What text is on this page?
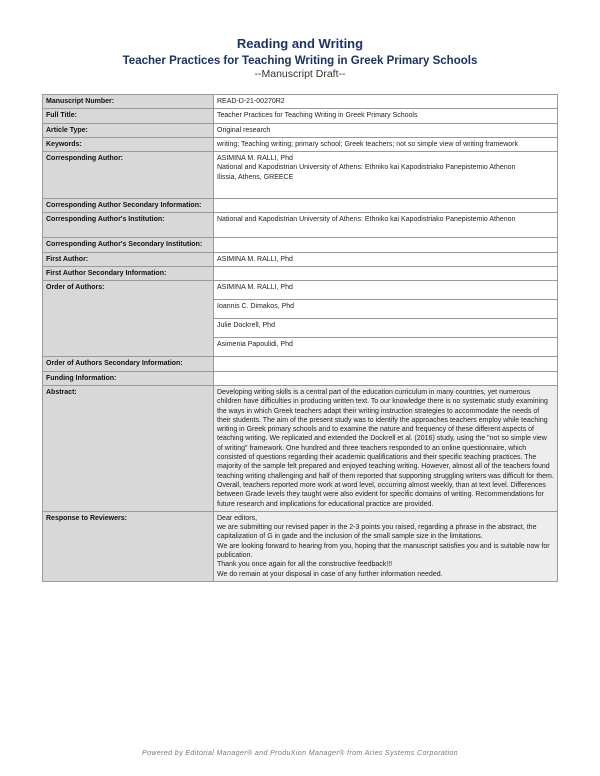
Reading and Writing
Teacher Practices for Teaching Writing in Greek Primary Schools
--Manuscript Draft--
Manuscript Number:	READ-D-21-00270R2
Full Title:	Teacher Practices for Teaching Writing in Greek Primary Schools
Article Type:	Original research
Keywords:	writing; Teaching writing; primary school; Greek teachers; not so simple view of writing framework
Corresponding Author:	ASIMINA M. RALLI, Phd
National and Kapodistrian University of Athens: Ethniko kai Kapodistriako Panepistemio Athenon
Ilissia, Athens, GREECE

Corresponding Author Secondary Information:	
Corresponding Author's Institution:	National and Kapodistrian University of Athens: Ethniko kai Kapodistriako Panepistemio Athenon
Corresponding Author's Secondary Institution:	
First Author:	ASIMINA M. RALLI, Phd
First Author Secondary Information:	
Order of Authors:	ASIMINA M. RALLI, Phd
	Ioannis C. Dimakos, Phd
	Julie Dockrell, Phd
	Asimenia Papoulidi, Phd
Order of Authors Secondary Information:	
Funding Information:	
Abstract:	Developing writing skills is a central part of the education curriculum in many countries, yet numerous children have difficulties in producing written text. To our knowledge there is no systematic study examining the ways in which Greek teachers adapt their writing instruction strategies to accommodate the needs of their students. The aim of the present study was to identify the approaches teachers employ while teaching writing in Greek primary schools and to examine the nature and frequency of these different aspects of teaching writing. We replicated and extended the Dockrell et al. (2016) study, using the "not so simple view of writing" framework. One hundred and three teachers responded to an online questionnaire, which consisted of questions regarding their academic qualifications and their specific teaching practices. The majority of the sample felt prepared and enjoyed teaching writing. However, almost all of the teachers found teaching writing challenging and half of them reported that supporting struggling writers was difficult for them. Overall, teachers reported more work at word level, occurring almost weekly, than at text level. Differences between Grade levels they taught were also evident for specific domains of writing. Recommendations for future research and implications for educational practice are provided.
Response to Reviewers:	Dear editors,
we are submitting our revised paper in the 2-3 points you raised, regarding a phrase in the abstract, the capitalization of G in gade and the inclusion of the small sample size in the limitations.
We are looking forward to hearing from you, hoping that the manuscript satisfies you and is suitable now for publication.
Thank you once again for all the constructive feedback!!!
We do remain at your disposal in case of any further information needed.
Powered by Editorial Manager® and ProduXion Manager® from Aries Systems Corporation
